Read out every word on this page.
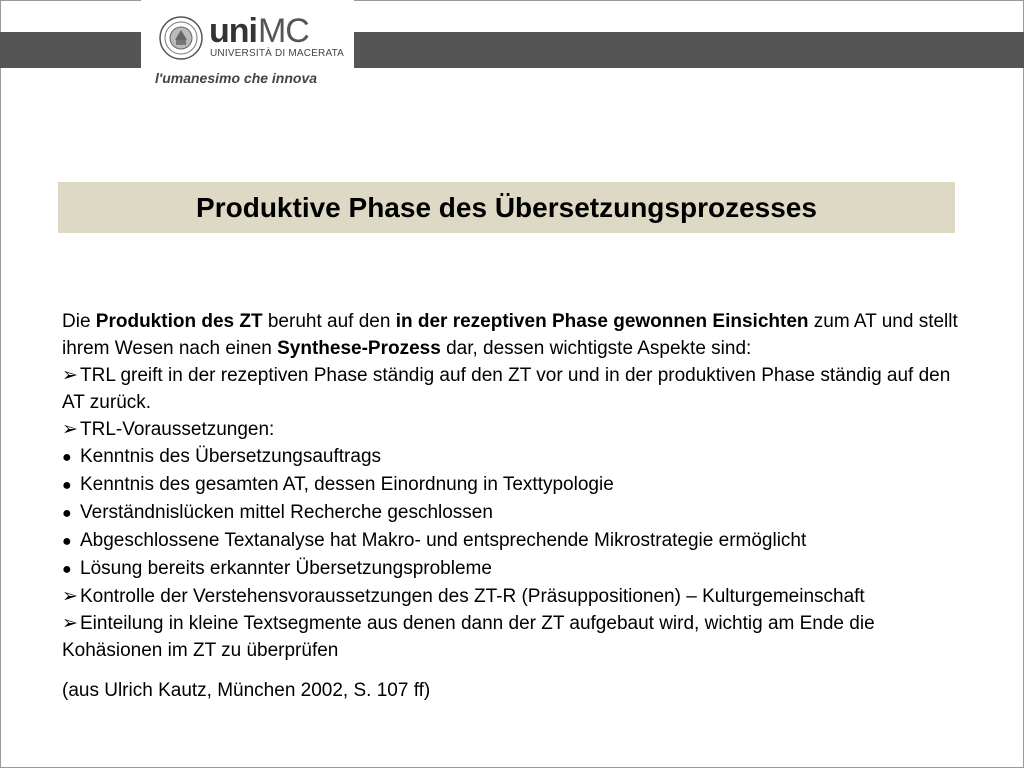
uniMC
UNIVERSITÀ DI MACERATA
l'umanesimo che innova
Produktive Phase des Übersetzungsprozesses

Die Produktion des ZT beruht auf den in der rezeptiven Phase gewonnen Einsichten zum AT und stellt ihrem Wesen nach einen Synthese-Prozess dar, dessen wichtigste Aspekte sind:

➢ TRL greift in der rezeptiven Phase ständig auf den ZT vor und in der produktiven Phase ständig auf den AT zurück.

➢ TRL-Voraussetzungen:

● Kenntnis des Übersetzungsauftrags

● Kenntnis des gesamten AT, dessen Einordnung in Texttypologie

● Verständnislücken mittel Recherche geschlossen

● Abgeschlossene Textanalyse hat Makro- und entsprechende Mikrostrategie ermöglicht

● Lösung bereits erkannter Übersetzungsprobleme

➢ Kontrolle der Verstehensvoraussetzungen des ZT-R (Präsuppositionen) – Kulturgemeinschaft

➢ Einteilung in kleine Textsegmente aus denen dann der ZT aufgebaut wird, wichtig am Ende die Kohäsionen im ZT zu überprüfen

(aus Ulrich Kautz, München 2002, S. 107 ff)
